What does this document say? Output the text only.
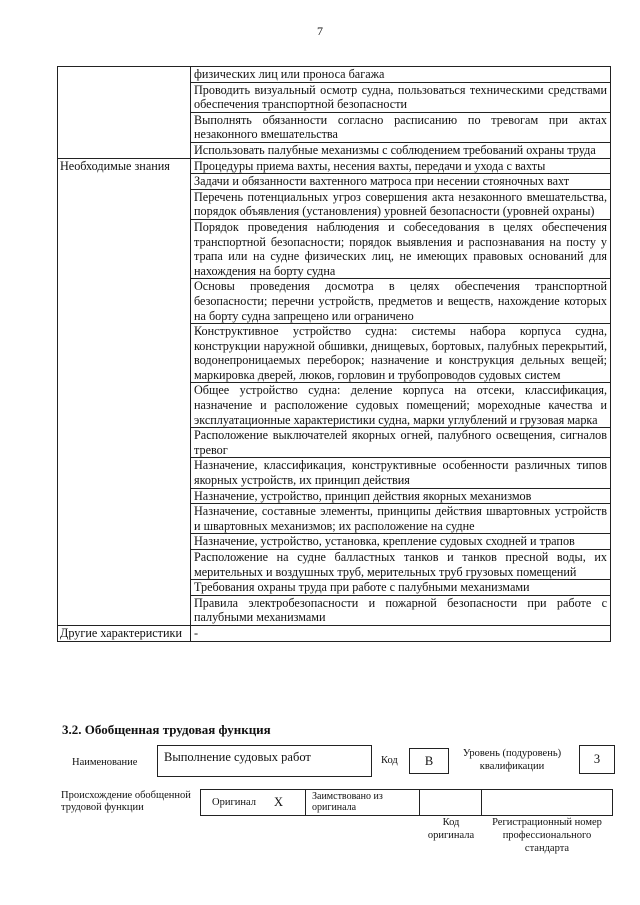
7
	физических лиц или проноса багажа
	Проводить визуальный осмотр судна, пользоваться техническими средствами обеспечения транспортной безопасности
	Выполнять обязанности согласно расписанию по тревогам при актах незаконного вмешательства
	Использовать палубные механизмы с соблюдением требований охраны труда
Необходимые знания	Процедуры приема вахты, несения вахты, передачи и ухода с вахты
	Задачи и обязанности вахтенного матроса при несении стояночных вахт
	Перечень потенциальных угроз совершения акта незаконного вмешательства, порядок объявления (установления) уровней безопасности (уровней охраны)
	Порядок проведения наблюдения и собеседования в целях обеспечения транспортной безопасности; порядок выявления и распознавания на посту у трапа или на судне физических лиц, не имеющих правовых оснований для нахождения на борту судна
	Основы проведения досмотра в целях обеспечения транспортной безопасности; перечни устройств, предметов и веществ, нахождение которых на борту судна запрещено или ограничено
	Конструктивное устройство судна: системы набора корпуса судна, конструкции наружной обшивки, днищевых, бортовых, палубных перекрытий, водонепроницаемых переборок; назначение и конструкция дельных вещей; маркировка дверей, люков, горловин и трубопроводов судовых систем
	Общее устройство судна: деление корпуса на отсеки, классификация, назначение и расположение судовых помещений; мореходные качества и эксплуатационные характеристики судна, марки углублений и грузовая марка
	Расположение выключателей якорных огней, палубного освещения, сигналов тревог
	Назначение, классификация, конструктивные особенности различных типов якорных устройств, их принцип действия
	Назначение, устройство, принцип действия якорных механизмов
	Назначение, составные элементы, принципы действия швартовных устройств и швартовных механизмов; их расположение на судне
	Назначение, устройство, установка, крепление судовых сходней и трапов
	Расположение на судне балластных танков и танков пресной воды, их мерительных и воздушных труб, мерительных труб грузовых помещений
	Требования охраны труда при работе с палубными механизмами
	Правила электробезопасности и пожарной безопасности при работе с палубными механизмами
Другие характеристики	-
3.2. Обобщенная трудовая функция
Наименование Выполнение судовых работ	Код	В
Уровень (подуровень) квалификации
3
Происхождение обобщенной трудовой функции	Оригинал X	Заимствовано из оригинала
Код оригинала
Регистрационный номер профессионального стандарта
